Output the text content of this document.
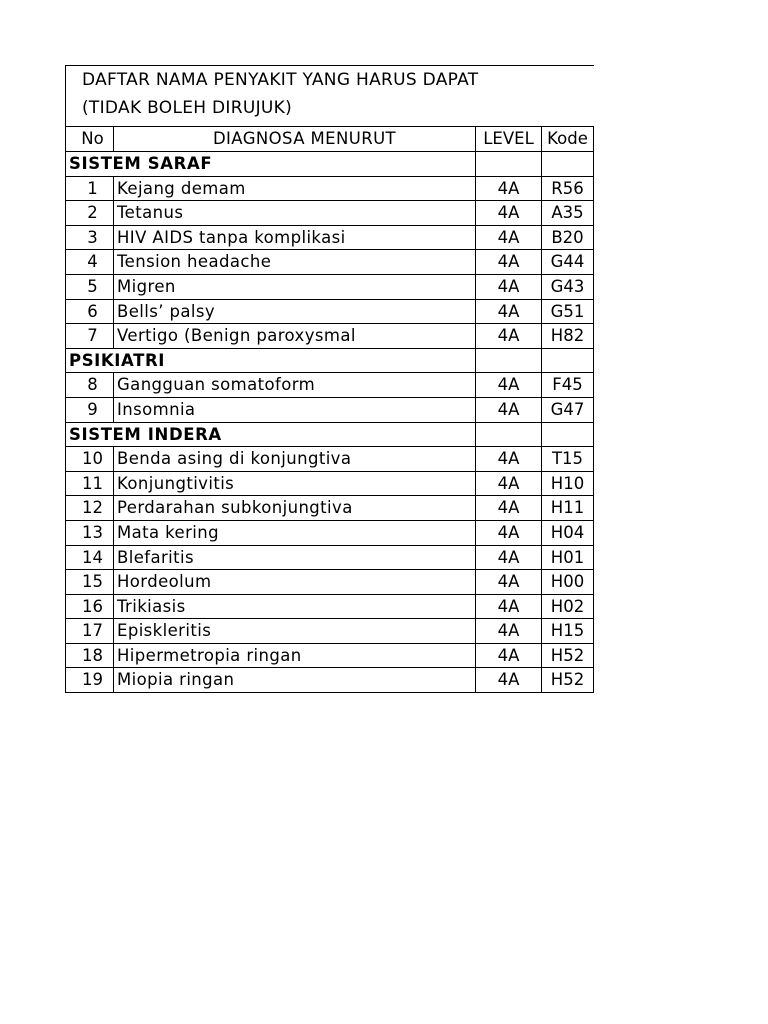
DAFTAR NAMA PENYAKIT YANG HARUS DAPAT
(TIDAK BOLEH DIRUJUK)
No	DIAGNOSA MENURUT	LEVEL Kode
SISTEM SARAF
1	Kejang demam	4A	R56
2	Tetanus	4A	A35
3	HIV AIDS tanpa komplikasi	4A	B20
4	Tension headache	4A	G44
5	Migren	4A	G43
6	Bells’ palsy	4A	G51
7	Vertigo (Benign paroxysmal	4A	H82
PSIKIATRI
8	Gangguan somatoform	4A	F45
9	Insomnia	4A	G47
SISTEM INDERA
10 Benda asing di konjungtiva	4A	T15
11 Konjungtivitis	4A	H10
12 Perdarahan subkonjungtiva	4A	H11
13 Mata kering	4A	H04
14 Blefaritis	4A	H01
15 Hordeolum	4A	H00
16 Trikiasis	4A	H02
17 Episkleritis	4A	H15
18 Hipermetropia ringan	4A	H52
19 Miopia ringan	4A	H52
